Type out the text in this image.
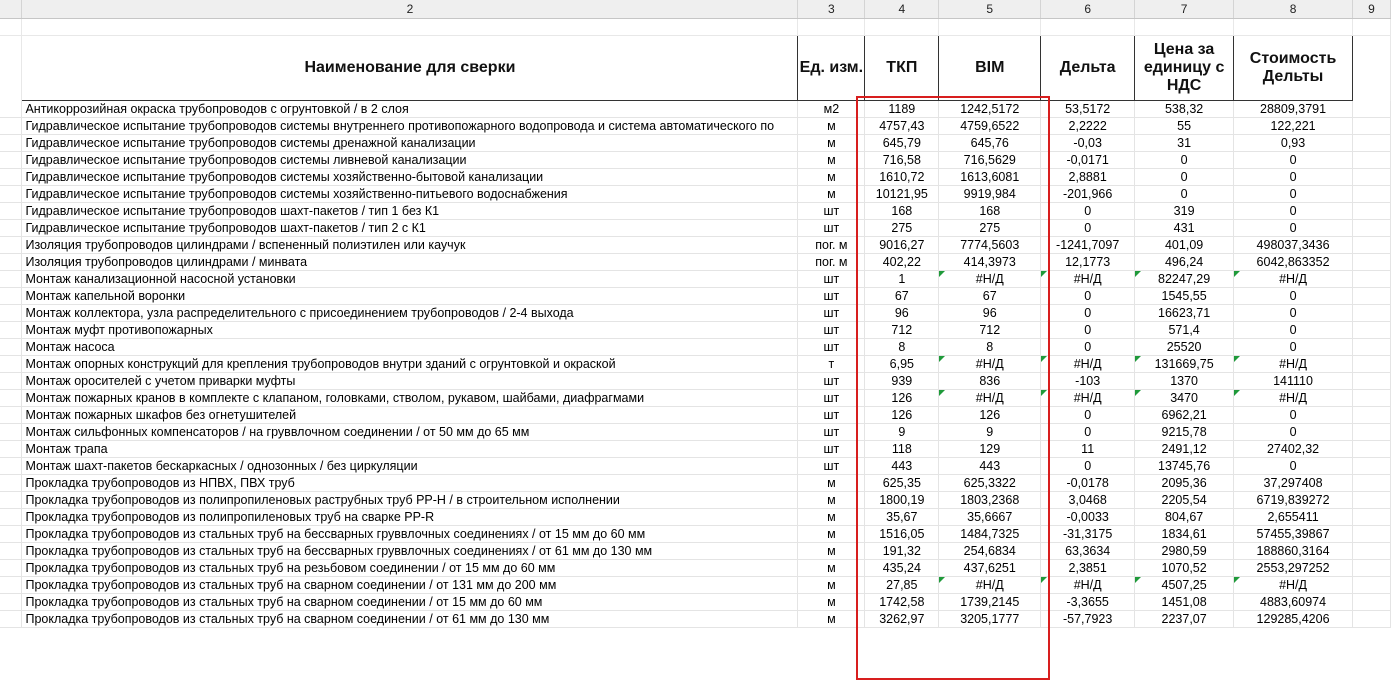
	2	3	4	5	6	7	8	9

	Наименование для сверки	Ед. изм.	ТКП	BIM	Дельта	Цена за единицу с НДС	Стоимость Дельты	
	Антикоррозийная окраска трубопроводов с огрунтовкой / в 2 слоя	м2	1189	1242,5172	53,5172	538,32	28809,3791	
	Гидравлическое испытание трубопроводов системы внутреннего противопожарного водопровода и система автоматического по	м	4757,43	4759,6522	2,2222	55	122,221	
	Гидравлическое испытание трубопроводов системы дренажной канализации	м	645,79	645,76	-0,03	31	0,93	
	Гидравлическое испытание трубопроводов системы ливневой канализации	м	716,58	716,5629	-0,0171	0	0	
	Гидравлическое испытание трубопроводов системы хозяйственно-бытовой канализации	м	1610,72	1613,6081	2,8881	0	0	
	Гидравлическое испытание трубопроводов системы хозяйственно-питьевого водоснабжения	м	10121,95	9919,984	-201,966	0	0	
	Гидравлическое испытание трубопроводов шахт-пакетов / тип 1 без К1	шт	168	168	0	319	0	
	Гидравлическое испытание трубопроводов шахт-пакетов / тип 2 с К1	шт	275	275	0	431	0	
	Изоляция трубопроводов цилиндрами / вспененный полиэтилен или каучук	пог. м	9016,27	7774,5603	-1241,7097	401,09	498037,3436	
	Изоляция трубопроводов цилиндрами / минвата	пог. м	402,22	414,3973	12,1773	496,24	6042,863352	
	Монтаж канализационной насосной установки	шт	1	#Н/Д	#Н/Д	82247,29	#Н/Д	
	Монтаж капельной воронки	шт	67	67	0	1545,55	0	
	Монтаж коллектора, узла распределительного с присоединением трубопроводов / 2-4 выхода	шт	96	96	0	16623,71	0	
	Монтаж муфт противопожарных	шт	712	712	0	571,4	0	
	Монтаж насоса	шт	8	8	0	25520	0	
	Монтаж опорных конструкций для крепления трубопроводов внутри зданий с огрунтовкой и окраской	т	6,95	#Н/Д	#Н/Д	131669,75	#Н/Д	
	Монтаж оросителей с учетом приварки муфты	шт	939	836	-103	1370	141110	
	Монтаж пожарных кранов в комплекте с клапаном, головками, стволом, рукавом, шайбами, диафрагмами	шт	126	#Н/Д	#Н/Д	3470	#Н/Д	
	Монтаж пожарных шкафов без огнетушителей	шт	126	126	0	6962,21	0	
	Монтаж сильфонных компенсаторов / на груввлочном соединении / от 50 мм до 65 мм	шт	9	9	0	9215,78	0	
	Монтаж трапа	шт	118	129	11	2491,12	27402,32	
	Монтаж шахт-пакетов бескаркасных / однозонных / без циркуляции	шт	443	443	0	13745,76	0	
	Прокладка трубопроводов из НПВХ, ПВХ труб	м	625,35	625,3322	-0,0178	2095,36	37,297408	
	Прокладка трубопроводов из полипропиленовых раструбных труб PP-H / в строительном исполнении	м	1800,19	1803,2368	3,0468	2205,54	6719,839272	
	Прокладка трубопроводов из полипропиленовых труб на сварке PP-R	м	35,67	35,6667	-0,0033	804,67	2,655411	
	Прокладка трубопроводов из стальных труб на бессварных груввлочных соединениях / от 15 мм до 60 мм	м	1516,05	1484,7325	-31,3175	1834,61	57455,39867	
	Прокладка трубопроводов из стальных труб на бессварных груввлочных соединениях / от 61 мм до 130 мм	м	191,32	254,6834	63,3634	2980,59	188860,3164	
	Прокладка трубопроводов из стальных труб на резьбовом соединении / от 15 мм до 60 мм	м	435,24	437,6251	2,3851	1070,52	2553,297252	
	Прокладка трубопроводов из стальных труб на сварном соединении / от 131 мм до 200 мм	м	27,85	#Н/Д	#Н/Д	4507,25	#Н/Д	
	Прокладка трубопроводов из стальных труб на сварном соединении / от 15 мм до 60 мм	м	1742,58	1739,2145	-3,3655	1451,08	4883,60974	
	Прокладка трубопроводов из стальных труб на сварном соединении / от 61 мм до 130 мм	м	3262,97	3205,1777	-57,7923	2237,07	129285,4206	
